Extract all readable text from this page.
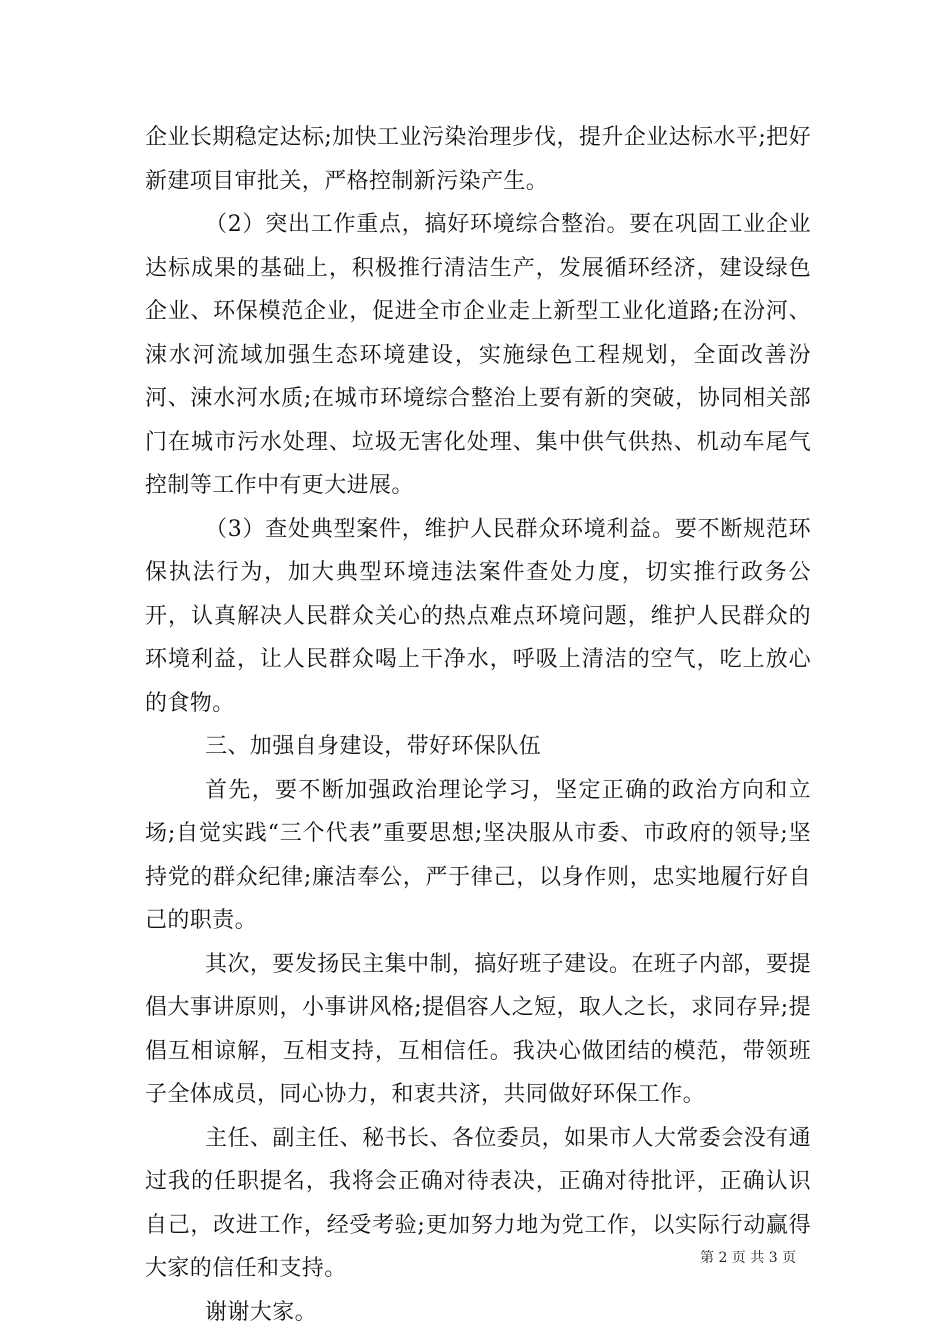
企业长期稳定达标;加快工业污染治理步伐，提升企业达标水平;把好新建项目审批关，严格控制新污染产生。

（2）突出工作重点，搞好环境综合整治。要在巩固工业企业达标成果的基础上，积极推行清洁生产，发展循环经济，建设绿色企业、环保模范企业，促进全市企业走上新型工业化道路;在汾河、涑水河流域加强生态环境建设，实施绿色工程规划，全面改善汾河、涑水河水质;在城市环境综合整治上要有新的突破，协同相关部门在城市污水处理、垃圾无害化处理、集中供气供热、机动车尾气控制等工作中有更大进展。

（3）查处典型案件，维护人民群众环境利益。要不断规范环保执法行为，加大典型环境违法案件查处力度，切实推行政务公开，认真解决人民群众关心的热点难点环境问题，维护人民群众的环境利益，让人民群众喝上干净水，呼吸上清洁的空气，吃上放心的食物。

三、加强自身建设，带好环保队伍

首先，要不断加强政治理论学习，坚定正确的政治方向和立场;自觉实践“三个代表”重要思想;坚决服从市委、市政府的领导;坚持党的群众纪律;廉洁奉公，严于律己，以身作则，忠实地履行好自己的职责。

其次，要发扬民主集中制，搞好班子建设。在班子内部，要提倡大事讲原则，小事讲风格;提倡容人之短，取人之长，求同存异;提倡互相谅解，互相支持，互相信任。我决心做团结的模范，带领班子全体成员，同心协力，和衷共济，共同做好环保工作。

主任、副主任、秘书长、各位委员，如果市人大常委会没有通过我的任职提名，我将会正确对待表决，正确对待批评，正确认识自己，改进工作，经受考验;更加努力地为党工作，以实际行动赢得大家的信任和支持。

谢谢大家。

第 2 页 共 3 页
